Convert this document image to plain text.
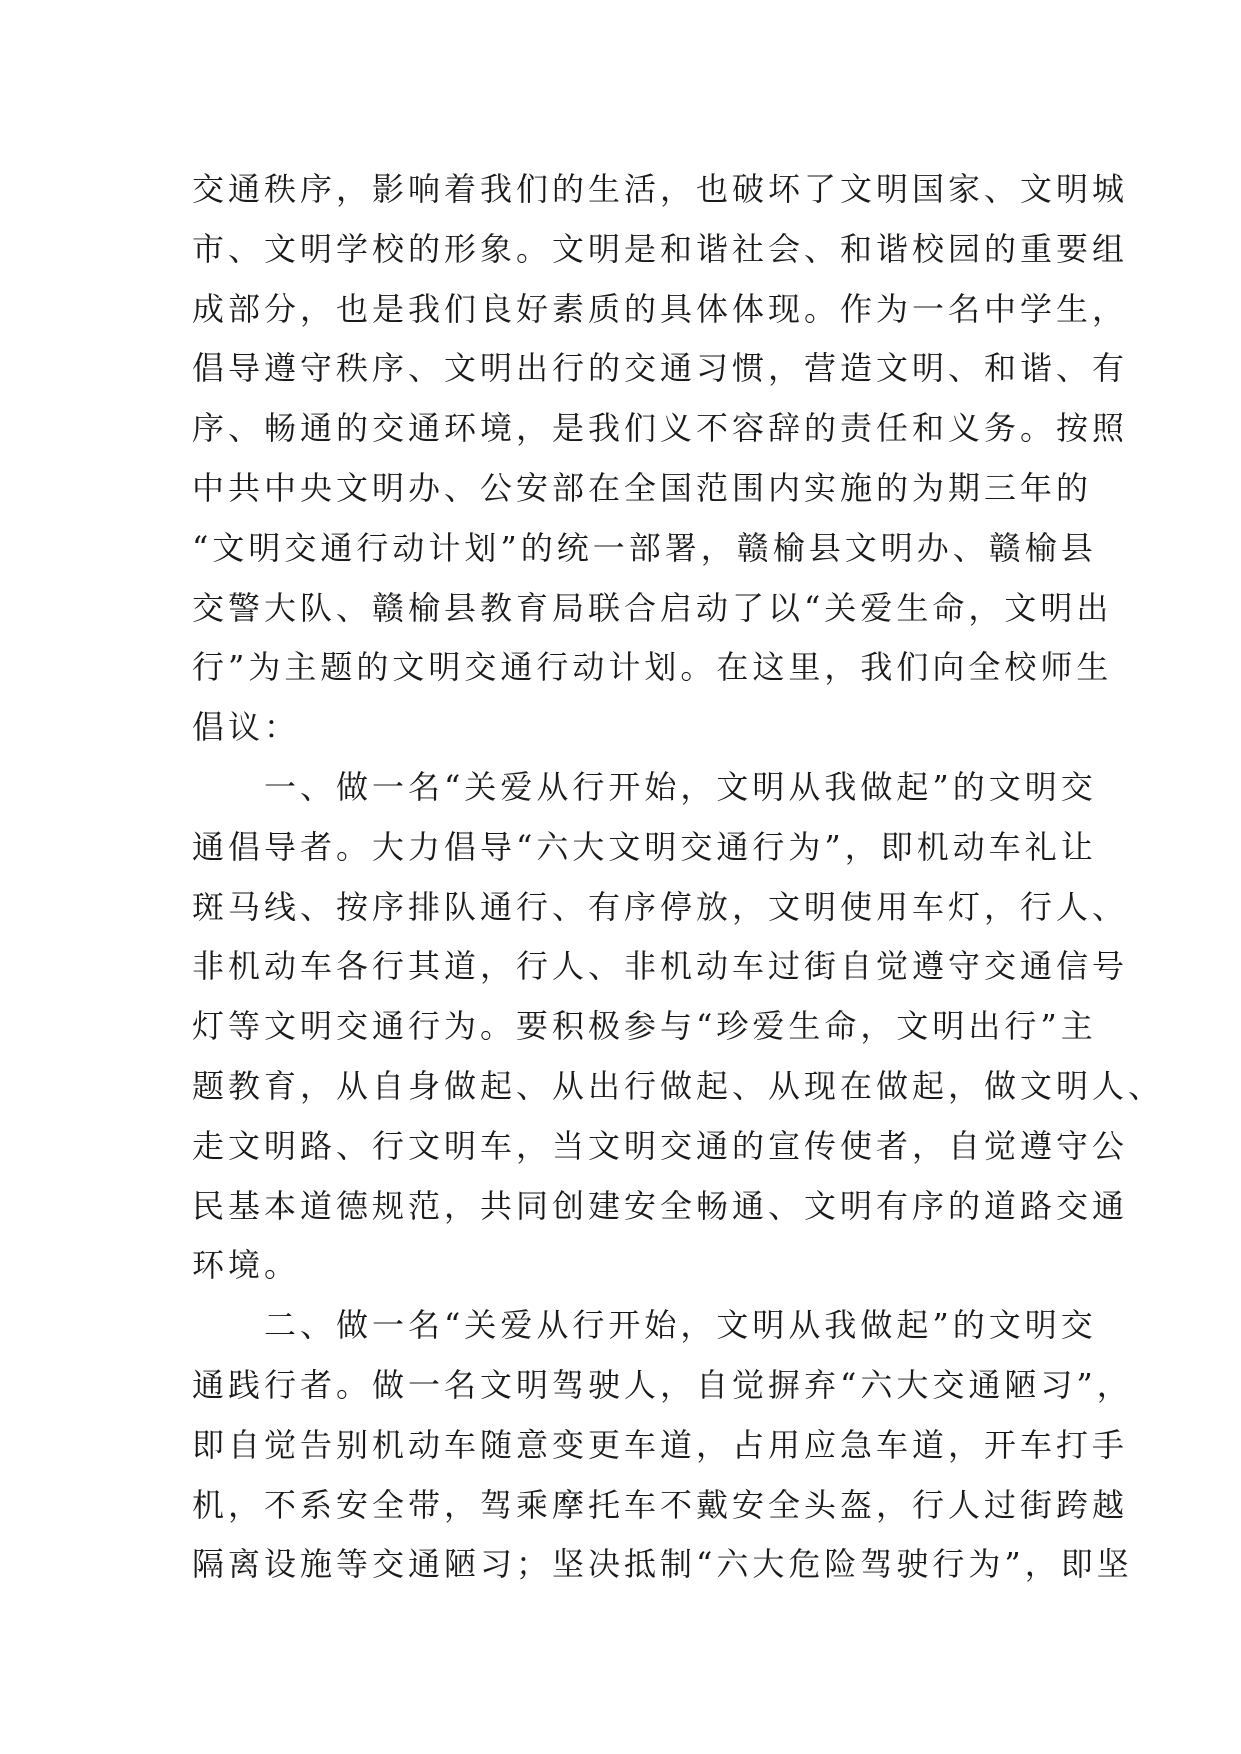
交通秩序，影响着我们的生活，也破坏了文明国家、文明城
市、文明学校的形象。文明是和谐社会、和谐校园的重要组
成部分，也是我们良好素质的具体体现。作为一名中学生，
倡导遵守秩序、文明出行的交通习惯，营造文明、和谐、有
序、畅通的交通环境，是我们义不容辞的责任和义务。按照
中共中央文明办、公安部在全国范围内实施的为期三年的
“文明交通行动计划”的统一部署，赣榆县文明办、赣榆县
交警大队、赣榆县教育局联合启动了以“关爱生命，文明出
行”为主题的文明交通行动计划。在这里，我们向全校师生
倡议：
一、做一名“关爱从行开始，文明从我做起”的文明交
通倡导者。大力倡导“六大文明交通行为”，即机动车礼让
斑马线、按序排队通行、有序停放，文明使用车灯，行人、
非机动车各行其道，行人、非机动车过街自觉遵守交通信号
灯等文明交通行为。要积极参与“珍爱生命，文明出行”主
题教育，从自身做起、从出行做起、从现在做起，做文明人、
走文明路、行文明车，当文明交通的宣传使者，自觉遵守公
民基本道德规范，共同创建安全畅通、文明有序的道路交通
环境。
二、做一名“关爱从行开始，文明从我做起”的文明交
通践行者。做一名文明驾驶人，自觉摒弃“六大交通陋习”，
即自觉告别机动车随意变更车道，占用应急车道，开车打手
机，不系安全带，驾乘摩托车不戴安全头盔，行人过街跨越
隔离设施等交通陋习；坚决抵制“六大危险驾驶行为”，即坚
